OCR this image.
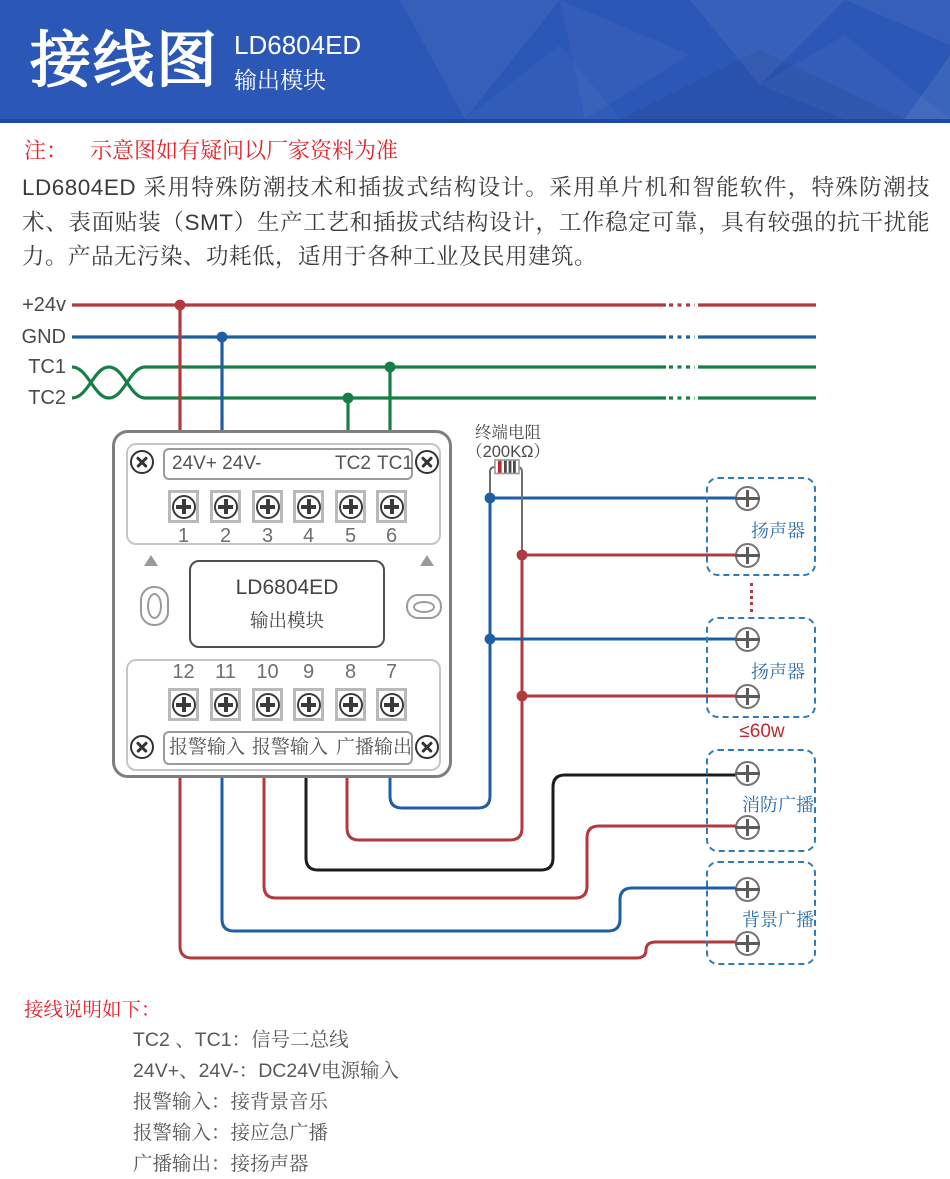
接线图 LD6804ED
输出模块
注： 示意图如有疑问以厂家资料为准
LD6804ED 采用特殊防潮技术和插拔式结构设计。采用单片机和智能软件，特殊防潮技术、表面贴装（SMT）生产工艺和插拔式结构设计，工作稳定可靠，具有较强的抗干扰能力。产品无污染、功耗低，适用于各种工业及民用建筑。
+24v
GND
TC1
TC2
终端电阻
（200KΩ）
24V+ 24V-	TC2 TC1
1	2	3	4	5	6
LD6804ED
输出模块
12 11 10	9	8	7
报警输入 报警输入 广播输出
扬声器
扬声器
≤60w
消防广播
背景广播
接线说明如下：
TC2 、TC1：信号二总线
24V+、24V-：DC24V电源输入
报警输入：接背景音乐
报警输入：接应急广播
广播输出：接扬声器
